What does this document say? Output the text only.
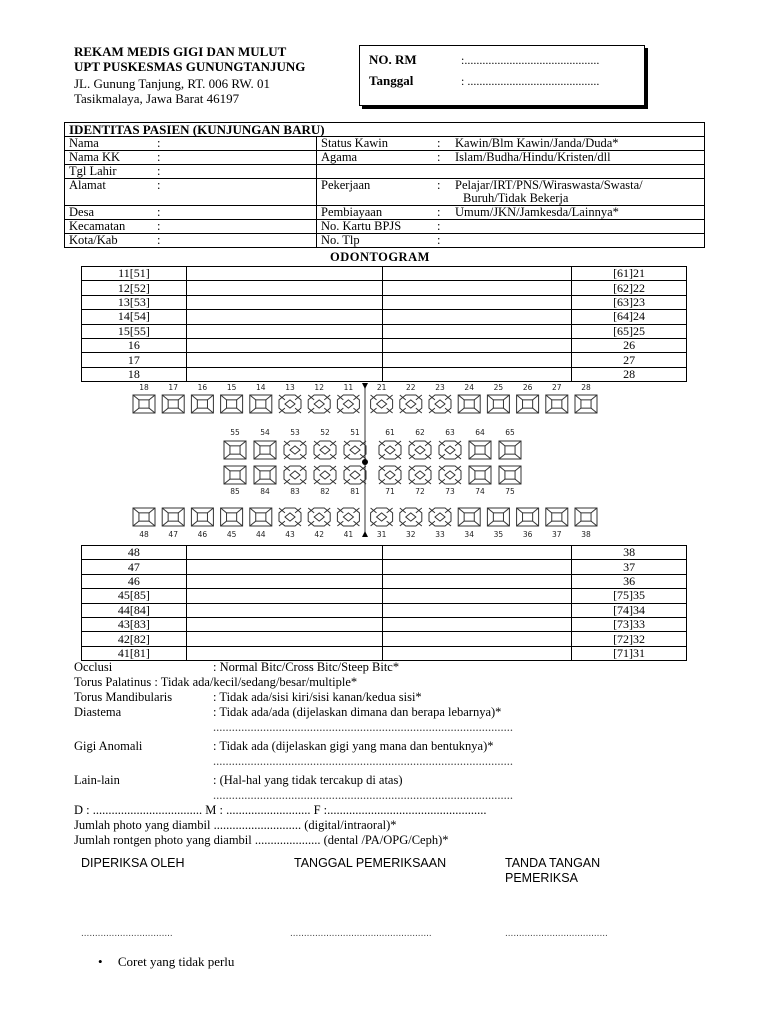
REKAM MEDIS GIGI DAN MULUT
UPT PUSKESMAS GUNUNGTANJUNG
JL. Gunung Tanjung, RT. 006 RW. 01
Tasikmalaya, Jawa Barat 46197
NO. RM	:.............................................
Tanggal	: ............................................
IDENTITAS PASIEN (KUNJUNGAN BARU)	
Nama :	Status Kawin : Kawin/Blm Kawin/Janda/Duda*
Nama KK :	Agama : Islam/Budha/Hindu/Kristen/dll
Tgl Lahir :	
Alamat :	Pekerjaan : Pelajar/IRT/PNS/Wiraswasta/Swasta/
Buruh/Tidak Bekerja
Desa :	Pembiayaan : Umum/JKN/Jamkesda/Lainnya*
Kecamatan :	No. Kartu BPJS :
Kota/Kab :	No. Tlp :
ODONTOGRAM
11[51]			[61]21
12[52]			[62]22
13[53]			[63]23
14[54]			[64]24
15[55]			[65]25
16			26
17			27
18			28
18	17	16	15	14	13	12	11	21	22	23	24	25	26	27	28
55	54	53	52	51	61	62	63	64	65
85	84	83	82	81	71	72	73	74	75
48	47	46	45	44	43	42	41	31	32	33	34	35	36	37	38
48			38
47			37
46			36
45[85]			[75]35
44[84]			[74]34
43[83]			[73]33
42[82]			[72]32
41[81]			[71]31
Occlusi	: Normal Bitc/Cross Bitc/Steep Bitc*
Torus Palatinus : Tidak ada/kecil/sedang/besar/multiple*
Torus Mandibularis	: Tidak ada/sisi kiri/sisi kanan/kedua sisi*
Diastema	: Tidak ada/ada (dijelaskan dimana dan berapa lebarnya)*
................................................................................................
Gigi Anomali	: Tidak ada (dijelaskan gigi yang mana dan bentuknya)*
................................................................................................
Lain-lain	: (Hal-hal yang tidak tercakup di atas)
................................................................................................
D : ................................... M : ........................... F :...................................................
Jumlah photo yang diambil ............................ (digital/intraoral)*
Jumlah rontgen photo yang diambil ..................... (dental /PA/OPG/Ceph)*
DIPERIKSA OLEH	TANGGAL PEMERIKSAAN	TANDA TANGAN
PEMERIKSA
.................................	...................................................	.....................................
• Coret yang tidak perlu
